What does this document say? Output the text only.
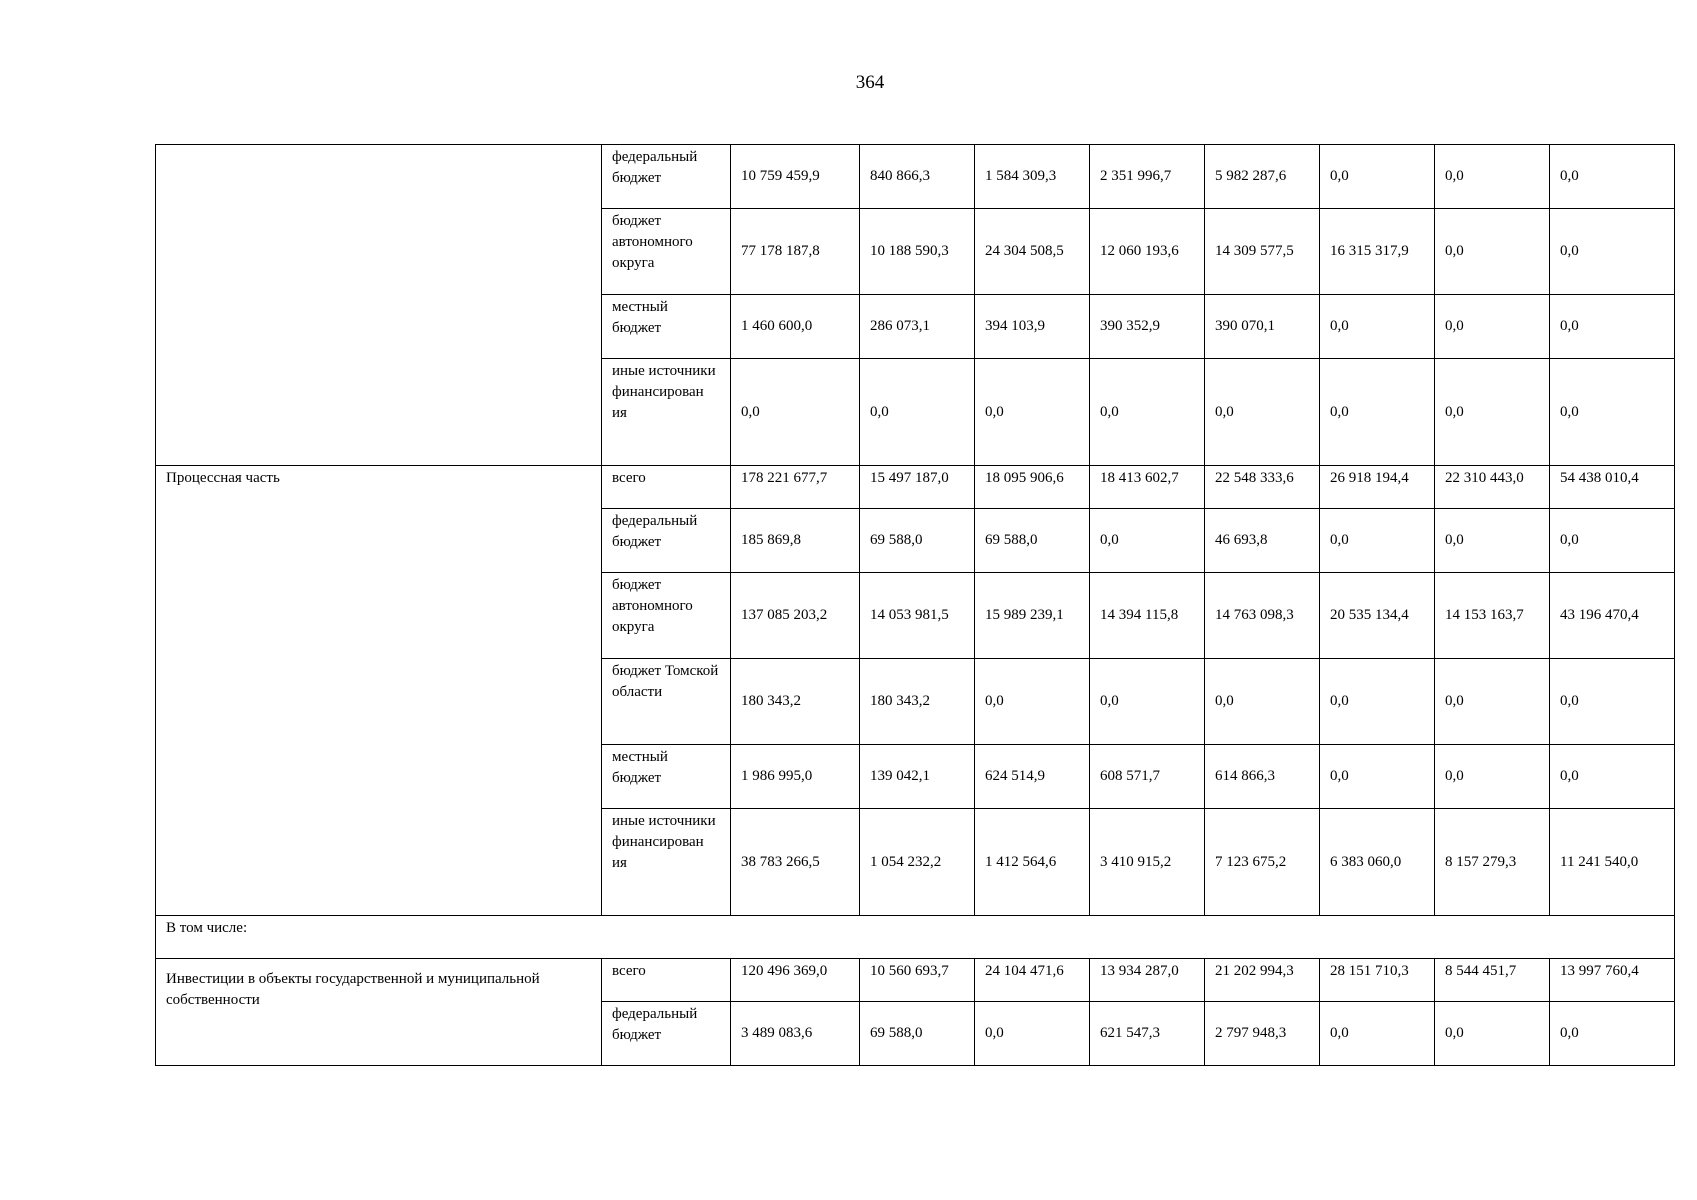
364
	федеральный бюджет	10 759 459,9	840 866,3	1 584 309,3	2 351 996,7	5 982 287,6	0,0	0,0	0,0
	бюджет автономного округа	77 178 187,8	10 188 590,3	24 304 508,5	12 060 193,6	14 309 577,5	16 315 317,9	0,0	0,0
	местный бюджет	1 460 600,0	286 073,1	394 103,9	390 352,9	390 070,1	0,0	0,0	0,0
	иные источники финансирован ия	0,0	0,0	0,0	0,0	0,0	0,0	0,0	0,0
Процессная часть	всего	178 221 677,7	15 497 187,0	18 095 906,6	18 413 602,7	22 548 333,6	26 918 194,4	22 310 443,0	54 438 010,4
	федеральный бюджет	185 869,8	69 588,0	69 588,0	0,0	46 693,8	0,0	0,0	0,0
	бюджет автономного округа	137 085 203,2	14 053 981,5	15 989 239,1	14 394 115,8	14 763 098,3	20 535 134,4	14 153 163,7	43 196 470,4
	бюджет Томской области	180 343,2	180 343,2	0,0	0,0	0,0	0,0	0,0	0,0
	местный бюджет	1 986 995,0	139 042,1	624 514,9	608 571,7	614 866,3	0,0	0,0	0,0
	иные источники финансирован ия	38 783 266,5	1 054 232,2	1 412 564,6	3 410 915,2	7 123 675,2	6 383 060,0	8 157 279,3	11 241 540,0
В том числе:									
Инвестиции в объекты государственной и муниципальной собственности	всего	120 496 369,0	10 560 693,7	24 104 471,6	13 934 287,0	21 202 994,3	28 151 710,3	8 544 451,7	13 997 760,4
	федеральный бюджет	3 489 083,6	69 588,0	0,0	621 547,3	2 797 948,3	0,0	0,0	0,0
